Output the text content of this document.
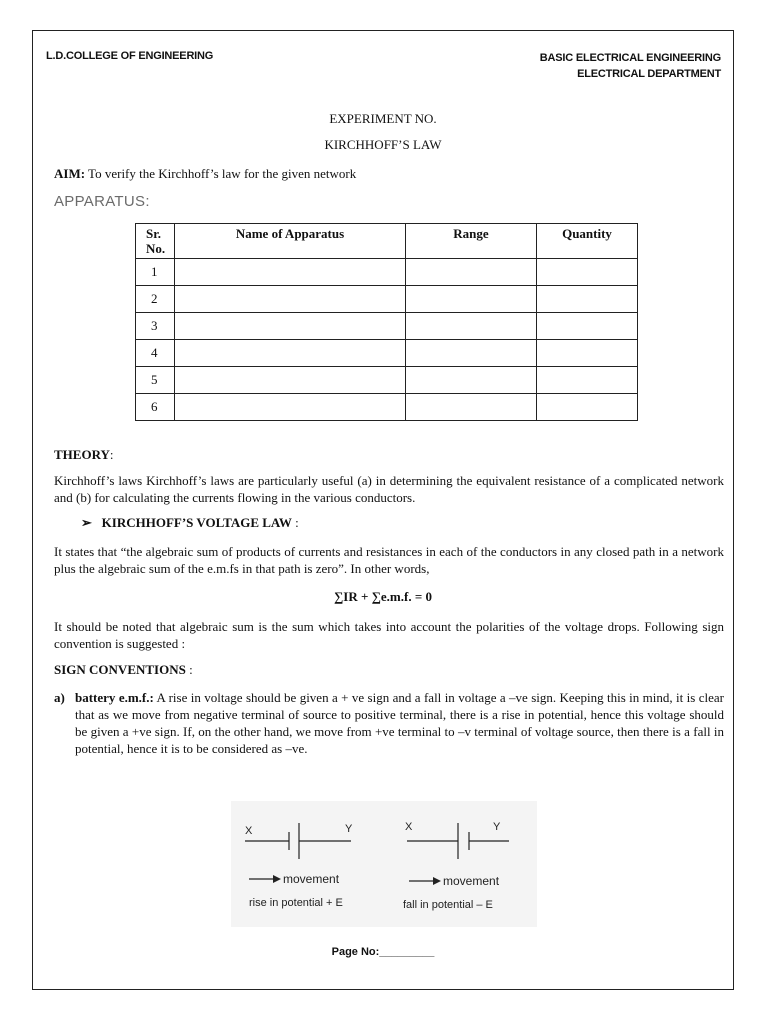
L.D.COLLEGE OF ENGINEERING	BASIC ELECTRICAL ENGINEERING
ELECTRICAL DEPARTMENT
EXPERIMENT NO.
KIRCHHOFF’S LAW
AIM: To verify the Kirchhoff’s law for the given network
APPARATUS:
Sr.
No.	Name of Apparatus	Range	Quantity
1			
2			
3			
4			
5			
6			
THEORY:
Kirchhoff’s laws Kirchhoff’s laws are particularly useful (a) in determining the equivalent resistance of a complicated network and (b) for calculating the currents flowing in the various conductors.
➢ KIRCHHOFF’S VOLTAGE LAW :
It states that “the algebraic sum of products of currents and resistances in each of the conductors in any closed path in a network plus the algebraic sum of the e.m.fs in that path is zero”. In other words,
∑IR + ∑e.m.f. = 0
It should be noted that algebraic sum is the sum which takes into account the polarities of the voltage drops. Following sign convention is suggested :
SIGN CONVENTIONS :
a) battery e.m.f.: A rise in voltage should be given a + ve sign and a fall in voltage a –ve sign. Keeping this in mind, it is clear that as we move from negative terminal of source to positive terminal, there is a rise in potential, hence this voltage should be given a +ve sign. If, on the other hand, we move from +ve terminal to –v terminal of voltage source, then there is a fall in potential, hence it is to be considered as –ve.
X	Y	X	Y
movement	movement
rise in potential + E	fall in potential – E
Page No:_________
